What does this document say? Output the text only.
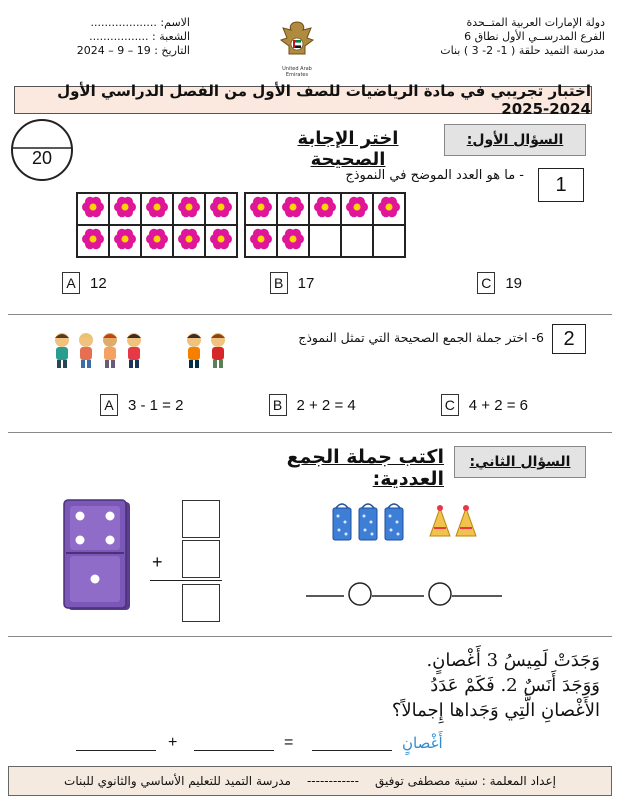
دولة الإمارات العربية المتــحدة
الفرع المدرســي الأول نطاق 6
مدرسة التميد حلقة ( 1- 2- 3 ) بنات
United Arab Emirates
الاسم: ...................
الشعبة : .................
التاريخ : 19 – 9 – 2024
اختبار تجريبي في مادة الرياضيات للصف الأول من الفصل الدراسي الأول 2024-2025
20
السؤال الأول:
اختر الإجابة الصحيحة
1
- ما هو العدد الموضح في النموذج
A 12	B 17	C 19
2
6- اختر جملة الجمع الصحيحة التي تمثل النموذج
A 3 - 1 = 2	B 2 + 2 = 4	C 4 + 2 = 6
السؤال الثاني:
اكتب جملة الجمع العددية:
+
وَجَدَتْ لَمِيسُ 3 أَغْصانٍ.
وَوَجَدَ أَنَسٌ 2. فَكَمْ عَدَدُ
الأَغْصانِ الَّتِي وَجَداها إِجمالاً؟
+	=	أَغْصانٍ
إعداد المعلمة : سنية مصطفى توفيق
------------
مدرسة التميد للتعليم الأساسي والثانوي للبنات
